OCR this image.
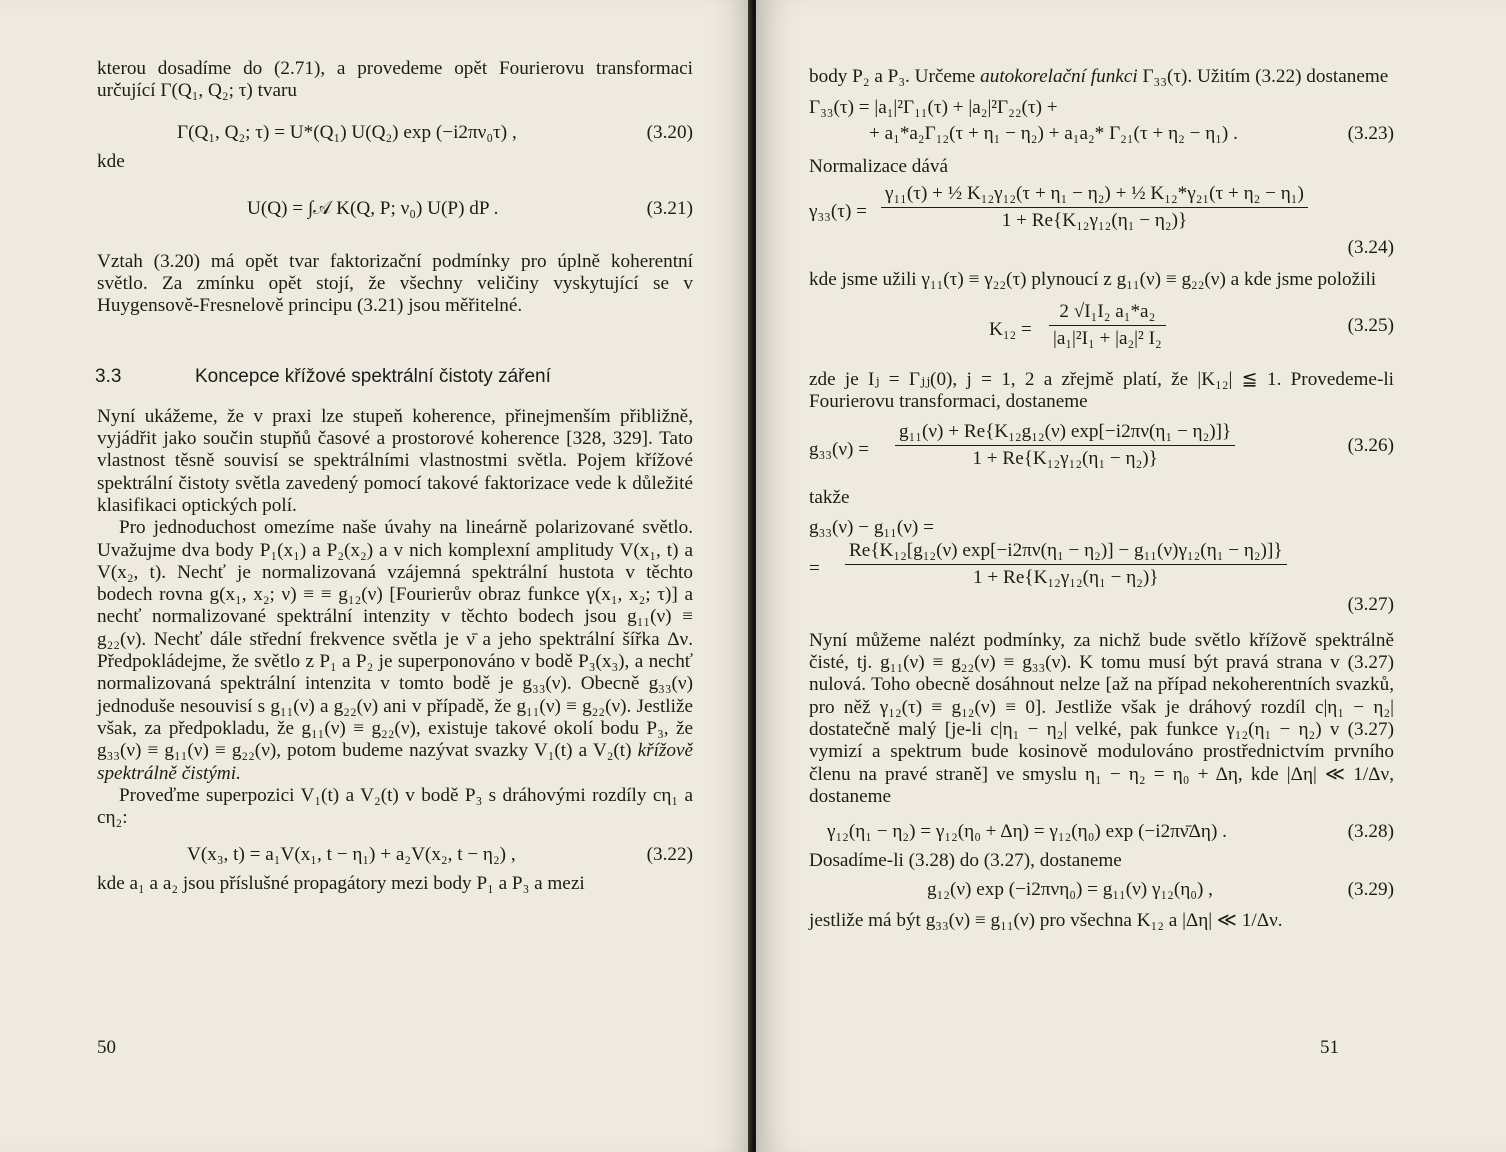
kterou dosadíme do (2.71), a provedeme opět Fourierovu transformaci určující Γ(Q₁, Q₂; τ) tvaru

Γ(Q₁, Q₂; τ) = U*(Q₁) U(Q₂) exp (−i2πν₀τ) ,	(3.20)

kde

U(Q) = ∫𝒜 K(Q, P; ν₀) U(P) dP .	(3.21)

Vztah (3.20) má opět tvar faktorizační podmínky pro úplně koherentní světlo. Za zmínku opět stojí, že všechny veličiny vyskytující se v Huygensově-Fresnelově principu (3.21) jsou měřitelné.

3.3	Koncepce křížové spektrální čistoty záření

Nyní ukážeme, že v praxi lze stupeň koherence, přinejmenším přibližně, vyjádřit jako součin stupňů časové a prostorové koherence [328, 329]. Tato vlastnost těsně souvisí se spektrálními vlastnostmi světla. Pojem křížové spektrální čistoty světla zavedený pomocí takové faktorizace vede k důležité klasifikaci optických polí.

Pro jednoduchost omezíme naše úvahy na lineárně polarizované světlo. Uvažujme dva body P₁(x₁) a P₂(x₂) a v nich komplexní amplitudy V(x₁, t) a V(x₂, t). Nechť je normalizovaná vzájemná spektrální hustota v těchto bodech rovna g(x₁, x₂; ν) ≡ ≡ g₁₂(ν) [Fourierův obraz funkce γ(x₁, x₂; τ)] a nechť normalizované spektrální intenzity v těchto bodech jsou g₁₁(ν) ≡ g₂₂(ν). Nechť dále střední frekvence světla je ν̄ a jeho spektrální šířka Δν. Předpokládejme, že světlo z P₁ a P₂ je superponováno v bodě P₃(x₃), a nechť normalizovaná spektrální intenzita v tomto bodě je g₃₃(ν). Obecně g₃₃(ν) jednoduše nesouvisí s g₁₁(ν) a g₂₂(ν) ani v případě, že g₁₁(ν) ≡ g₂₂(ν). Jestliže však, za předpokladu, že g₁₁(ν) ≡ g₂₂(ν), existuje takové okolí bodu P₃, že g₃₃(ν) ≡ g₁₁(ν) ≡ g₂₂(ν), potom budeme nazývat svazky V₁(t) a V₂(t) křížově spektrálně čistými.

Proveďme superpozici V₁(t) a V₂(t) v bodě P₃ s dráhovými rozdíly cη₁ a cη₂:

V(x₃, t) = a₁V(x₁, t − η₁) + a₂V(x₂, t − η₂) ,	(3.22)

kde a₁ a a₂ jsou příslušné propagátory mezi body P₁ a P₃ a mezi

50

body P₂ a P₃. Určeme autokorelační funkci Γ₃₃(τ). Užitím (3.22) dostaneme

Γ₃₃(τ) = |a₁|²Γ₁₁(τ) + |a₂|²Γ₂₂(τ) +
+ a₁*a₂Γ₁₂(τ + η₁ − η₂) + a₁a₂* Γ₂₁(τ + η₂ − η₁) .	(3.23)

Normalizace dává

$\gamma_{33}(\tau) = \frac{\text{γ₁₁(τ) + ½ K₁₂γ₁₂(τ + η₁ − η₂) + ½ K₁₂*γ₂₁(τ + η₂ − η₁)}}{\text{1 + Re\{K₁₂γ₁₂(η₁ − η₂)\}}}$
(3.24)

kde jsme užili γ₁₁(τ) ≡ γ₂₂(τ) plynoucí z g₁₁(ν) ≡ g₂₂(ν) a kde jsme položili

$K_{12} = \frac{\text{2 √I₁I₂ a₁*a₂}}{\text{|a₁|²I₁ + |a₂|² I₂}}$	(3.25)

zde je Iⱼ = Γⱼⱼ(0), j = 1, 2 a zřejmě platí, že |K₁₂| ≦ 1. Provedeme-li Fourierovu transformaci, dostaneme

$g_{33}(\nu) = \frac{\text{g₁₁(ν) + Re\{K₁₂g₁₂(ν) exp[−i2πν(η₁ − η₂)]\}}}{\text{1 + Re\{K₁₂γ₁₂(η₁ − η₂)\}}}$	(3.26)

takže

g₃₃(ν) − g₁₁(ν) =
= $\frac{\text{Re\{K₁₂[g₁₂(ν) exp[−i2πν(η₁ − η₂)] − g₁₁(ν)γ₁₂(η₁ − η₂)]\}}}{\text{1 + Re\{K₁₂γ₁₂(η₁ − η₂)\}}}$
(3.27)

Nyní můžeme nalézt podmínky, za nichž bude světlo křížově spektrálně čisté, tj. g₁₁(ν) ≡ g₂₂(ν) ≡ g₃₃(ν). K tomu musí být pravá strana v (3.27) nulová. Toho obecně dosáhnout nelze [až na případ nekoherentních svazků, pro něž γ₁₂(τ) ≡ g₁₂(ν) ≡ 0]. Jestliže však je dráhový rozdíl c|η₁ − η₂| dostatečně malý [je-li c|η₁ − η₂| velké, pak funkce γ₁₂(η₁ − η₂) v (3.27) vymizí a spektrum bude kosinově modulováno prostřednictvím prvního členu na pravé straně] ve smyslu η₁ − η₂ = η₀ + Δη, kde |Δη| ≪ 1/Δν, dostaneme

γ₁₂(η₁ − η₂) = γ₁₂(η₀ + Δη) = γ₁₂(η₀) exp (−i2πν̄Δη) .	(3.28)

Dosadíme-li (3.28) do (3.27), dostaneme

g₁₂(ν) exp (−i2πνη₀) = g₁₁(ν) γ₁₂(η₀) ,	(3.29)

jestliže má být g₃₃(ν) ≡ g₁₁(ν) pro všechna K₁₂ a |Δη| ≪ 1/Δν.

51
